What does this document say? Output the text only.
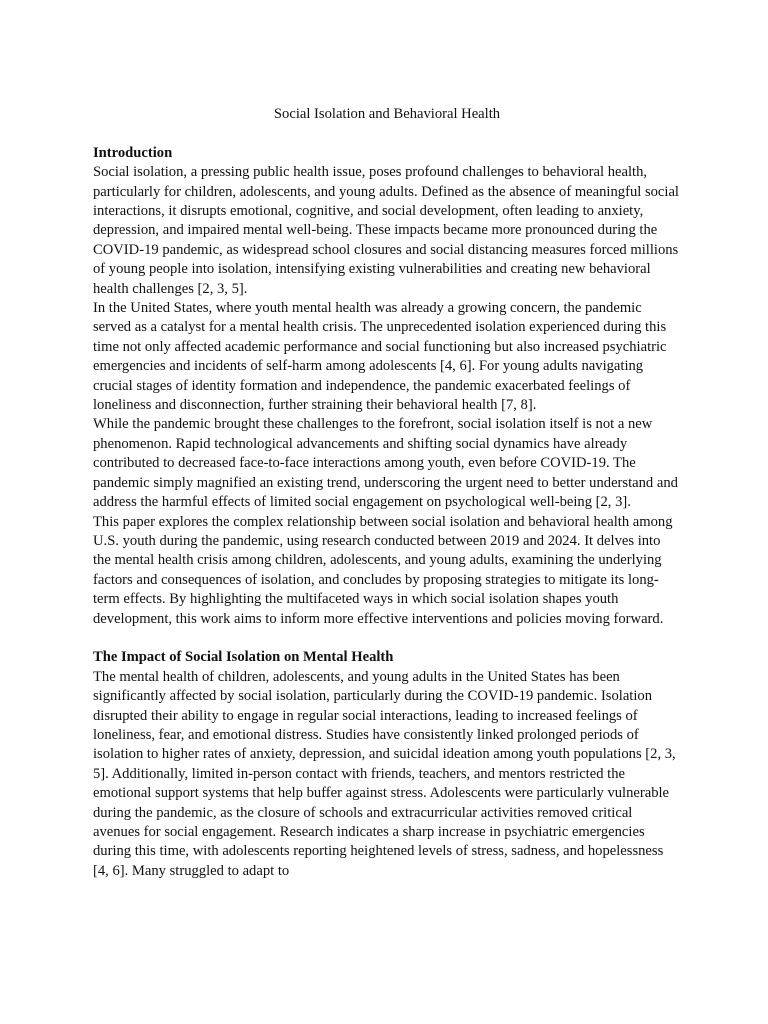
Social Isolation and Behavioral Health
Introduction

Social isolation, a pressing public health issue, poses profound challenges to behavioral health, particularly for children, adolescents, and young adults. Defined as the absence of meaningful social interactions, it disrupts emotional, cognitive, and social development, often leading to anxiety, depression, and impaired mental well-being. These impacts became more pronounced during the COVID-19 pandemic, as widespread school closures and social distancing measures forced millions of young people into isolation, intensifying existing vulnerabilities and creating new behavioral health challenges [2, 3, 5].

In the United States, where youth mental health was already a growing concern, the pandemic served as a catalyst for a mental health crisis. The unprecedented isolation experienced during this time not only affected academic performance and social functioning but also increased psychiatric emergencies and incidents of self-harm among adolescents [4, 6]. For young adults navigating crucial stages of identity formation and independence, the pandemic exacerbated feelings of loneliness and disconnection, further straining their behavioral health [7, 8].

While the pandemic brought these challenges to the forefront, social isolation itself is not a new phenomenon. Rapid technological advancements and shifting social dynamics have already contributed to decreased face-to-face interactions among youth, even before COVID-19. The pandemic simply magnified an existing trend, underscoring the urgent need to better understand and address the harmful effects of limited social engagement on psychological well-being [2, 3].

This paper explores the complex relationship between social isolation and behavioral health among U.S. youth during the pandemic, using research conducted between 2019 and 2024. It delves into the mental health crisis among children, adolescents, and young adults, examining the underlying factors and consequences of isolation, and concludes by proposing strategies to mitigate its long-term effects. By highlighting the multifaceted ways in which social isolation shapes youth development, this work aims to inform more effective interventions and policies moving forward.

The Impact of Social Isolation on Mental Health

The mental health of children, adolescents, and young adults in the United States has been significantly affected by social isolation, particularly during the COVID-19 pandemic. Isolation disrupted their ability to engage in regular social interactions, leading to increased feelings of loneliness, fear, and emotional distress. Studies have consistently linked prolonged periods of isolation to higher rates of anxiety, depression, and suicidal ideation among youth populations [2, 3, 5]. Additionally, limited in-person contact with friends, teachers, and mentors restricted the emotional support systems that help buffer against stress. Adolescents were particularly vulnerable during the pandemic, as the closure of schools and extracurricular activities removed critical avenues for social engagement. Research indicates a sharp increase in psychiatric emergencies during this time, with adolescents reporting heightened levels of stress, sadness, and hopelessness [4, 6]. Many struggled to adapt to
